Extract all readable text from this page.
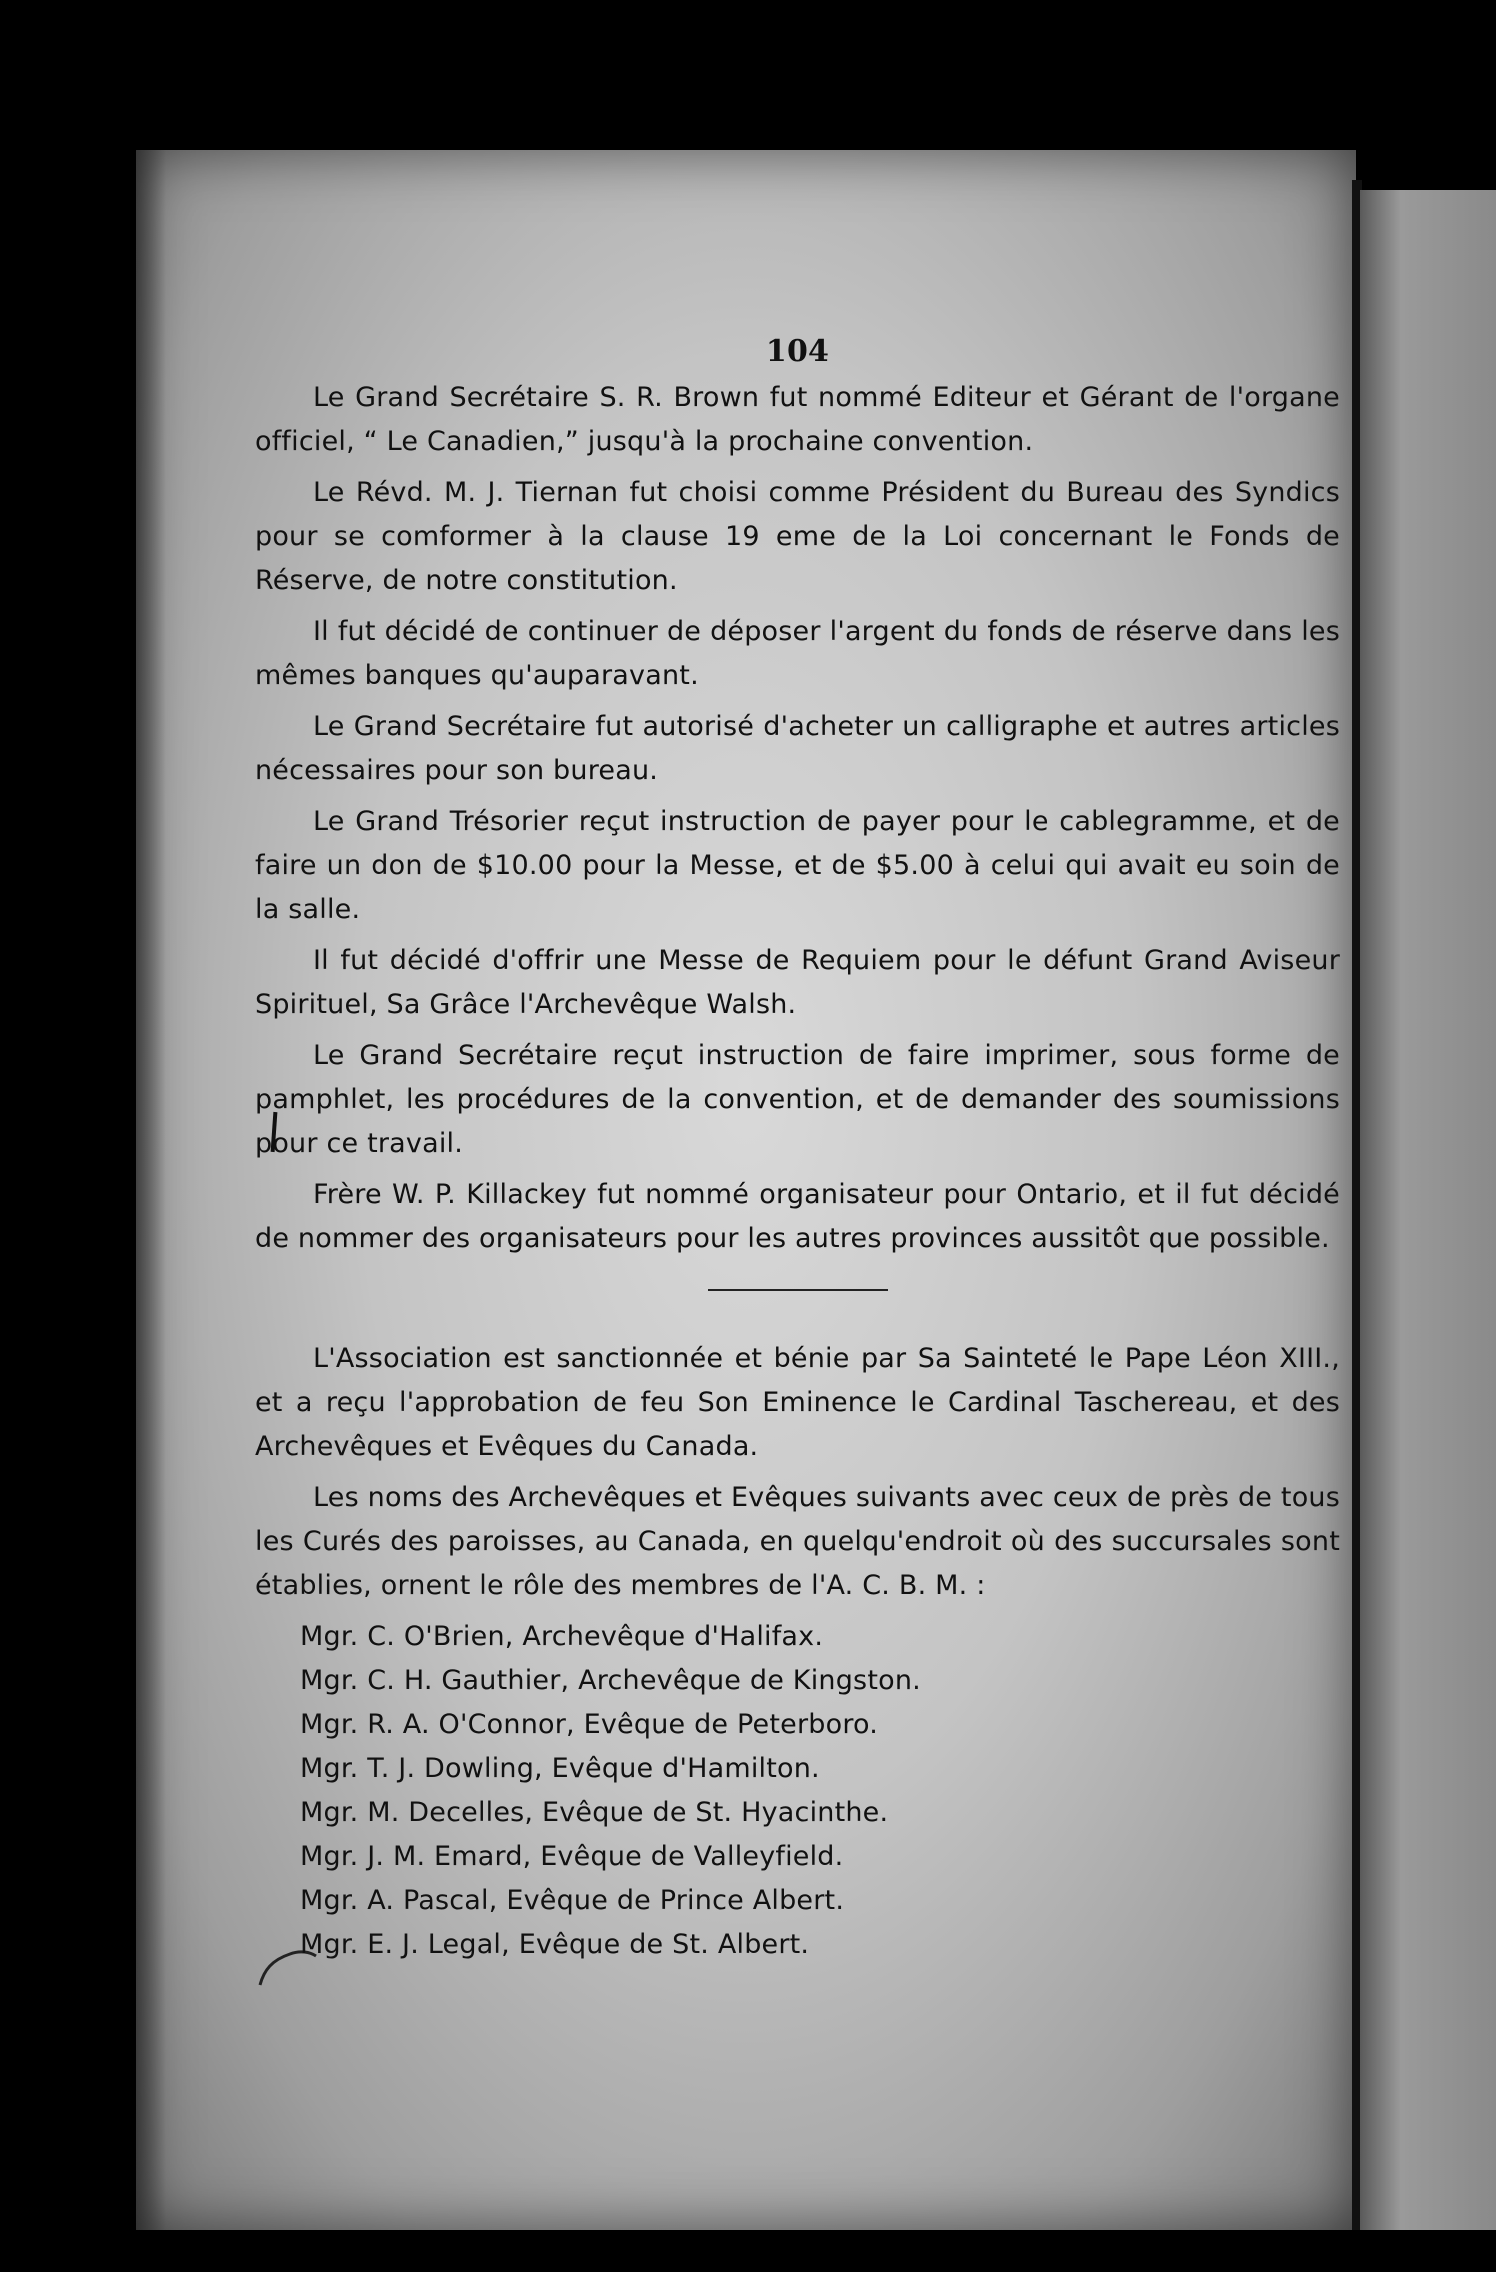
104

Le Grand Secrétaire S. R. Brown fut nommé Editeur et Gérant de l'organe officiel, “ Le Canadien,” jusqu'à la prochaine convention.

Le Révd. M. J. Tiernan fut choisi comme Président du Bureau des Syndics pour se comformer à la clause 19 eme de la Loi concernant le Fonds de Réserve, de notre constitution.

Il fut décidé de continuer de déposer l'argent du fonds de réserve dans les mêmes banques qu'auparavant.

Le Grand Secrétaire fut autorisé d'acheter un calligraphe et autres articles nécessaires pour son bureau.

Le Grand Trésorier reçut instruction de payer pour le cablegramme, et de faire un don de $10.00 pour la Messe, et de $5.00 à celui qui avait eu soin de la salle.

Il fut décidé d'offrir une Messe de Requiem pour le défunt Grand Aviseur Spirituel, Sa Grâce l'Archevêque Walsh.

Le Grand Secrétaire reçut instruction de faire imprimer, sous forme de pamphlet, les procédures de la convention, et de demander des soumissions pour ce travail.

Frère W. P. Killackey fut nommé organisateur pour Ontario, et il fut décidé de nommer des organisateurs pour les autres provinces aussitôt que possible.

L'Association est sanctionnée et bénie par Sa Sainteté le Pape Léon XIII., et a reçu l'approbation de feu Son Eminence le Cardinal Taschereau, et des Archevêques et Evêques du Canada.

Les noms des Archevêques et Evêques suivants avec ceux de près de tous les Curés des paroisses, au Canada, en quelqu'endroit où des succursales sont établies, ornent le rôle des membres de l'A. C. B. M. :

Mgr. C. O'Brien, Archevêque d'Halifax.
Mgr. C. H. Gauthier, Archevêque de Kingston.
Mgr. R. A. O'Connor, Evêque de Peterboro.
Mgr. T. J. Dowling, Evêque d'Hamilton.
Mgr. M. Decelles, Evêque de St. Hyacinthe.
Mgr. J. M. Emard, Evêque de Valleyfield.
Mgr. A. Pascal, Evêque de Prince Albert.
Mgr. E. J. Legal, Evêque de St. Albert.
